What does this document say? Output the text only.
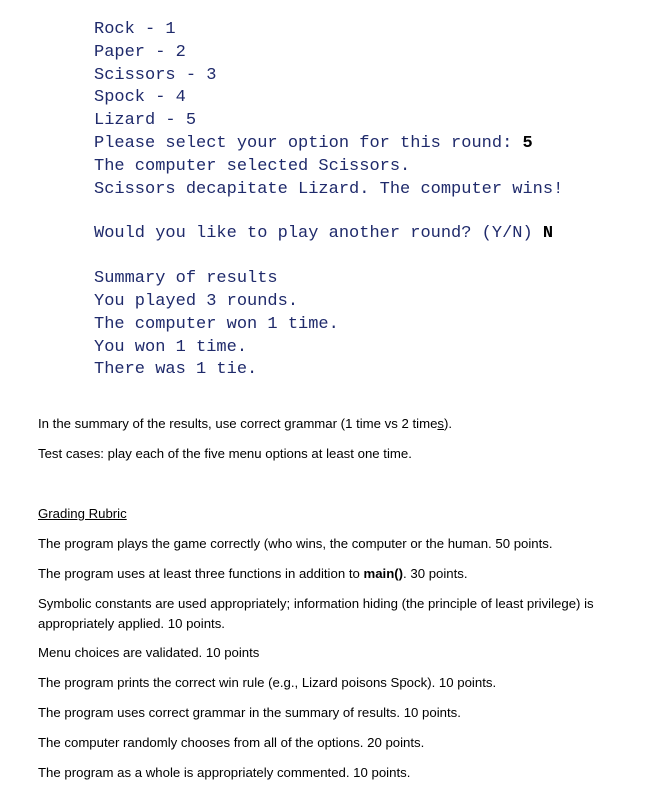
Rock - 1
Paper - 2
Scissors - 3
Spock - 4
Lizard - 5
Please select your option for this round: 5
The computer selected Scissors.
Scissors decapitate Lizard. The computer wins!
Would you like to play another round? (Y/N) N
Summary of results
You played 3 rounds.
The computer won 1 time.
You won 1 time.
There was 1 tie.

In the summary of the results, use correct grammar (1 time vs 2 times).

Test cases: play each of the five menu options at least one time.

Grading Rubric

The program plays the game correctly (who wins, the computer or the human. 50 points.

The program uses at least three functions in addition to main(). 30 points.

Symbolic constants are used appropriately; information hiding (the principle of least privilege) is appropriately applied. 10 points.

Menu choices are validated. 10 points

The program prints the correct win rule (e.g., Lizard poisons Spock). 10 points.

The program uses correct grammar in the summary of results. 10 points.

The computer randomly chooses from all of the options. 20 points.

The program as a whole is appropriately commented. 10 points.
